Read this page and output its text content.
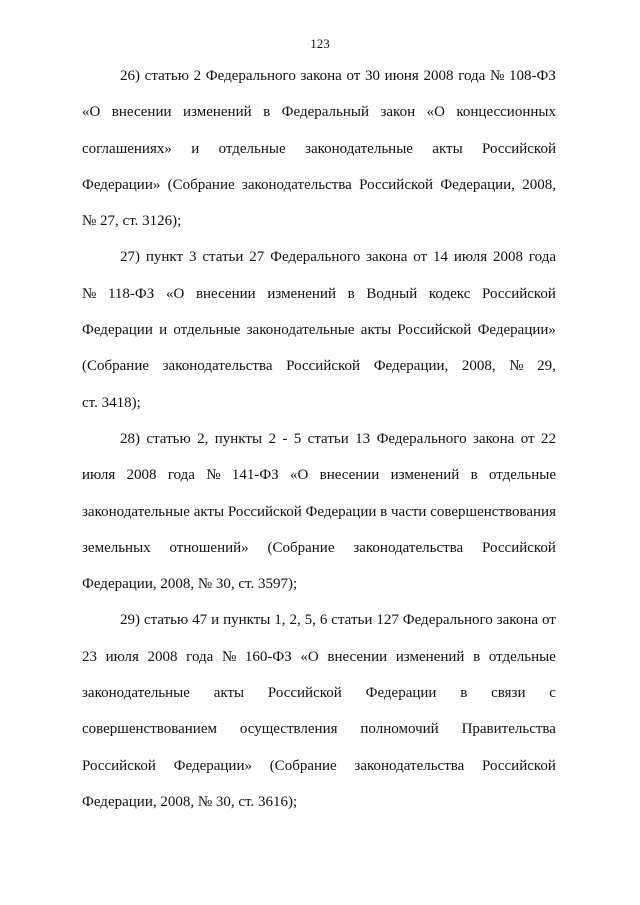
123
26) статью 2 Федерального закона от 30 июня 2008 года № 108-ФЗ
«О внесении изменений в Федеральный закон «О концессионных
соглашениях» и отдельные законодательные акты Российской
Федерации» (Собрание законодательства Российской Федерации, 2008,
№ 27, ст. 3126);
27) пункт 3 статьи 27 Федерального закона от 14 июля 2008 года
№ 118-ФЗ «О внесении изменений в Водный кодекс Российской
Федерации и отдельные законодательные акты Российской Федерации»
(Собрание законодательства Российской Федерации, 2008, № 29,
ст. 3418);
28) статью 2, пункты 2 - 5 статьи 13 Федерального закона от 22
июля 2008 года № 141-ФЗ «О внесении изменений в отдельные
законодательные акты Российской Федерации в части совершенствования
земельных отношений» (Собрание законодательства Российской
Федерации, 2008, № 30, ст. 3597);
29) статью 47 и пункты 1, 2, 5, 6 статьи 127 Федерального закона от
23 июля 2008 года № 160-ФЗ «О внесении изменений в отдельные
законодательные акты Российской Федерации в связи с
совершенствованием осуществления полномочий Правительства
Российской Федерации» (Собрание законодательства Российской
Федерации, 2008, № 30, ст. 3616);
